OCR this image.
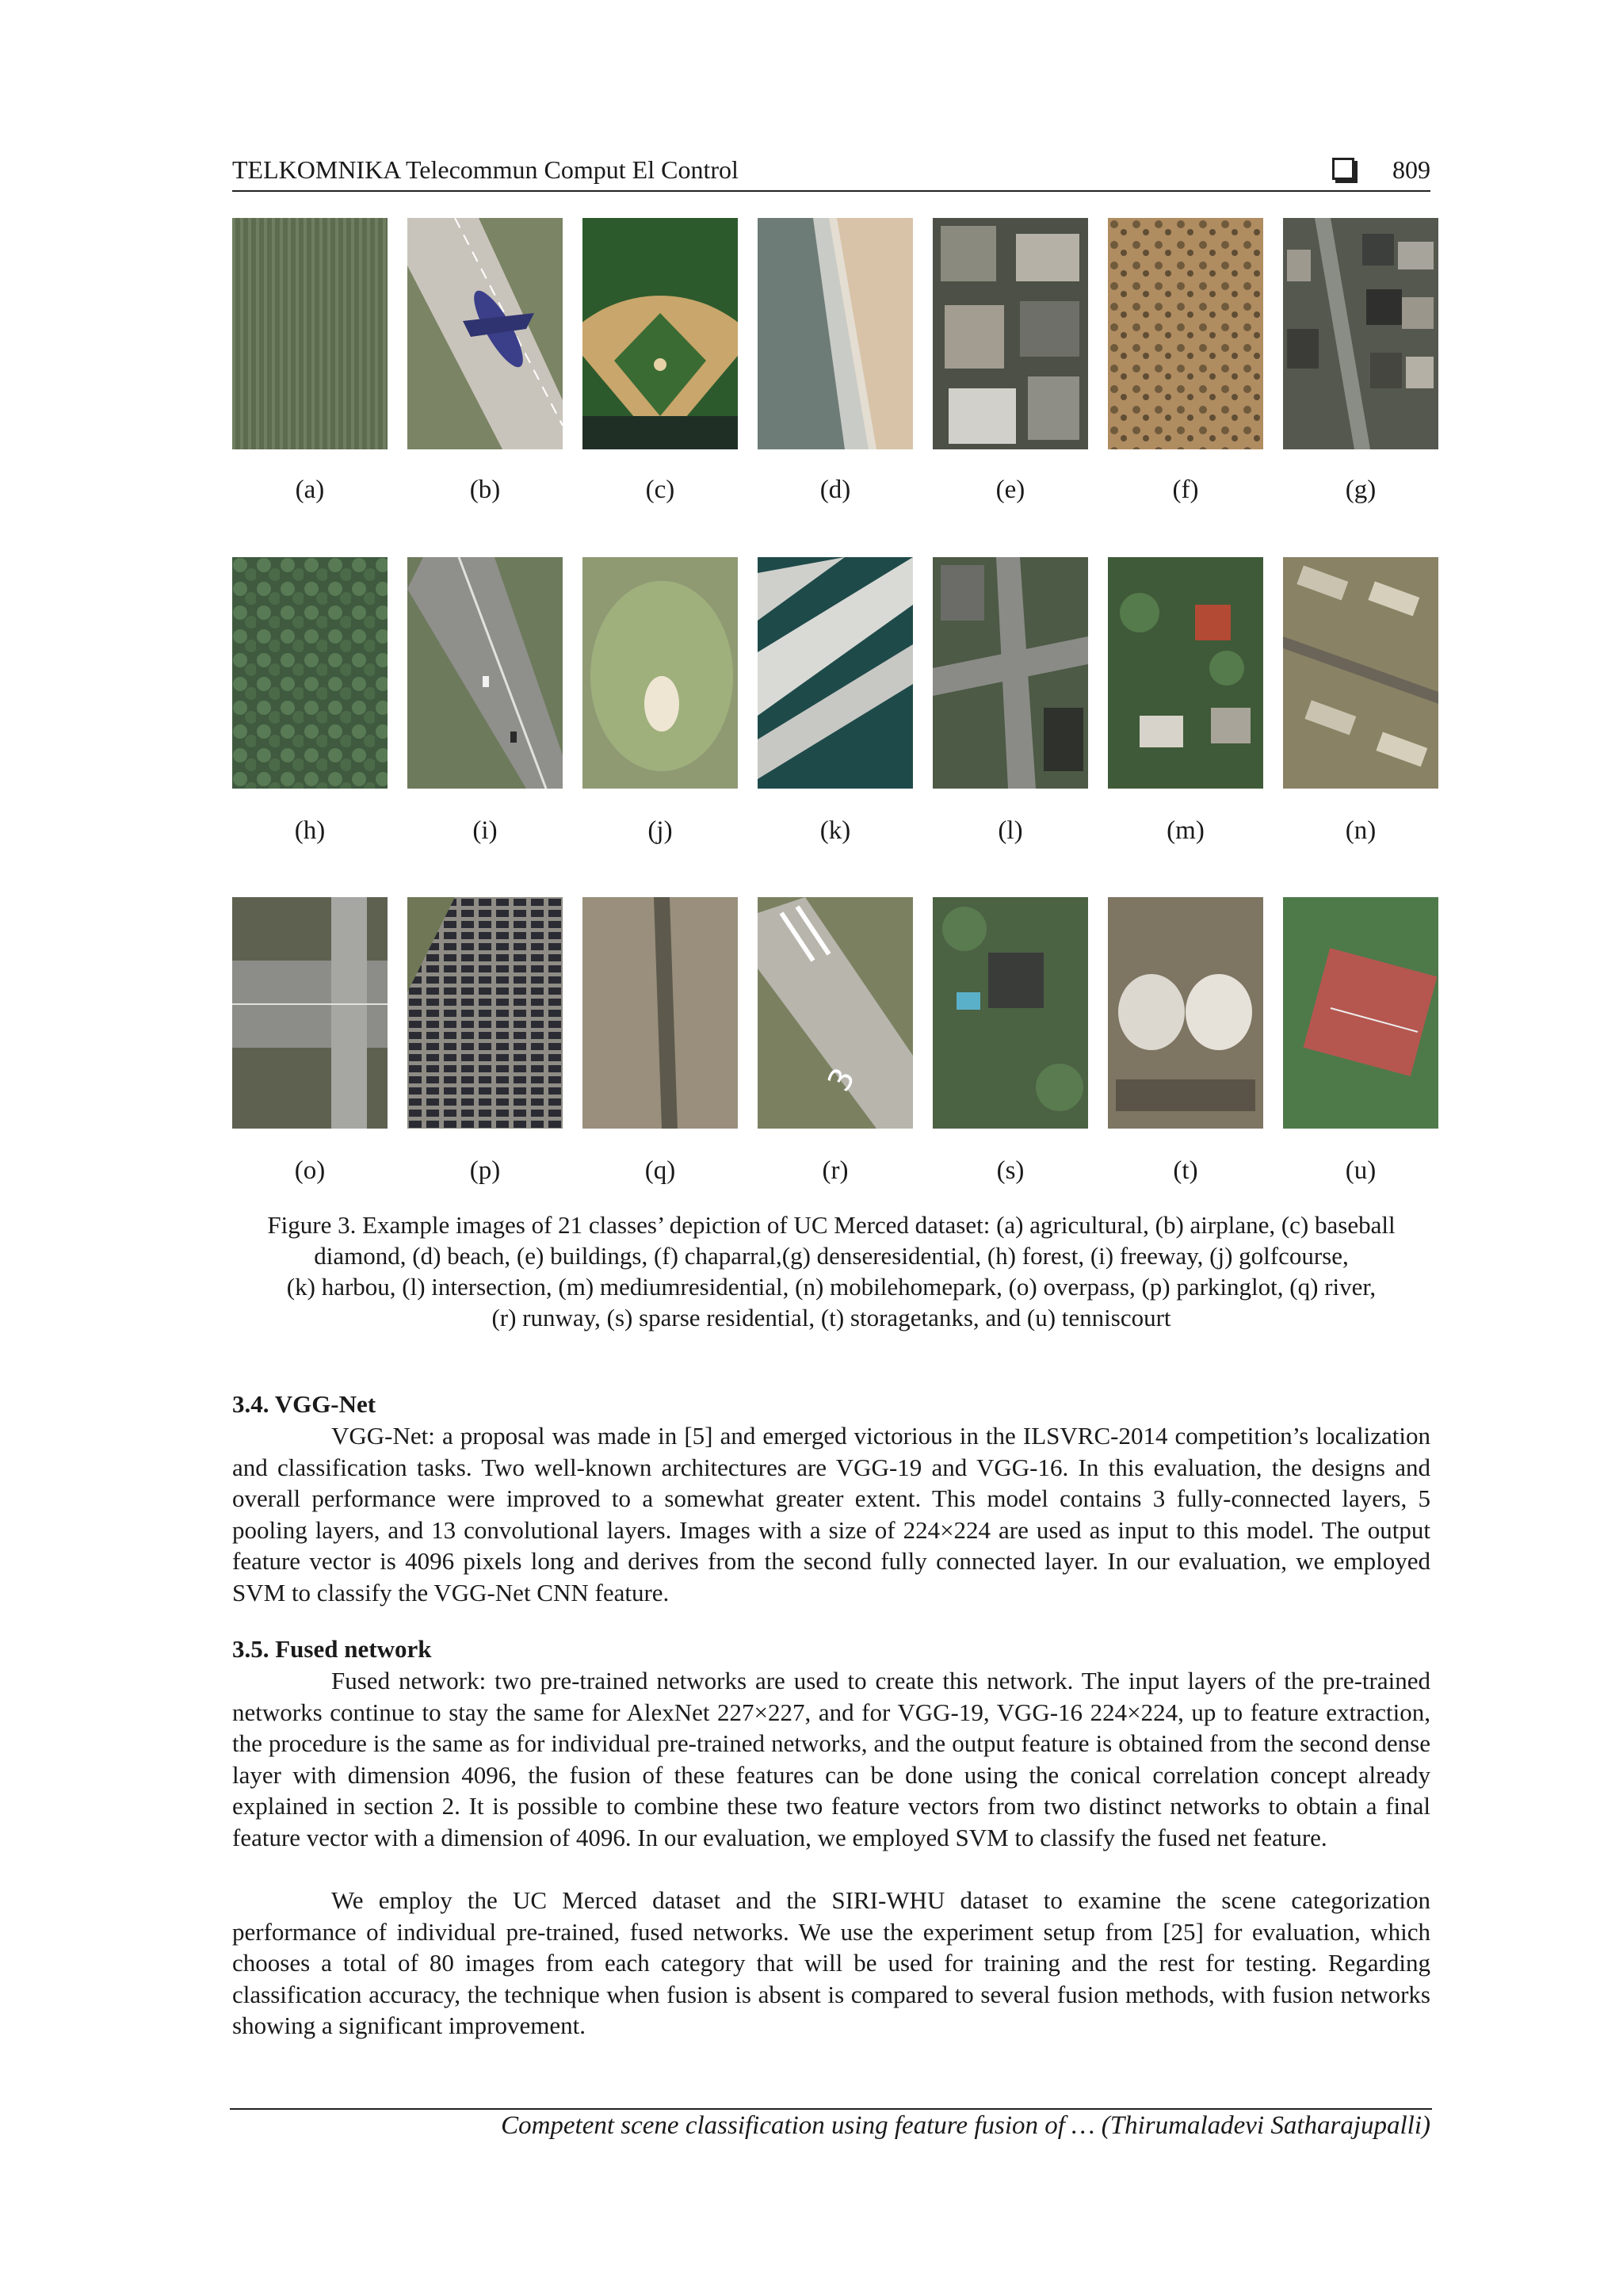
TELKOMNIKA Telecommun Comput El Control	809
(a)	(b)	(c)	(d)	(e)	(f)	(g)
(h)	(i)	(j)	(k)	(l)	(m)	(n)
3
(o)	(p)	(q)	(r)	(s)	(t)	(u)
Figure 3. Example images of 21 classes’ depiction of UC Merced dataset: (a) agricultural, (b) airplane, (c) baseball
diamond, (d) beach, (e) buildings, (f) chaparral,(g) denseresidential, (h) forest, (i) freeway, (j) golfcourse,
(k) harbou, (l) intersection, (m) mediumresidential, (n) mobilehomepark, (o) overpass, (p) parkinglot, (q) river,
(r) runway, (s) sparse residential, (t) storagetanks, and (u) tenniscourt
3.4. VGG-Net
VGG-Net: a proposal was made in [5] and emerged victorious in the ILSVRC-2014 competition’s localization and classification tasks. Two well-known architectures are VGG-19 and VGG-16. In this evaluation, the designs and overall performance were improved to a somewhat greater extent. This model contains 3 fully-connected layers, 5 pooling layers, and 13 convolutional layers. Images with a size of 224×224 are used as input to this model. The output feature vector is 4096 pixels long and derives from the second fully connected layer. In our evaluation, we employed SVM to classify the VGG-Net CNN feature.
3.5. Fused network
Fused network: two pre-trained networks are used to create this network. The input layers of the pre-trained networks continue to stay the same for AlexNet 227×227, and for VGG-19, VGG-16 224×224, up to feature extraction, the procedure is the same as for individual pre-trained networks, and the output feature is obtained from the second dense layer with dimension 4096, the fusion of these features can be done using the conical correlation concept already explained in section 2. It is possible to combine these two feature vectors from two distinct networks to obtain a final feature vector with a dimension of 4096. In our evaluation, we employed SVM to classify the fused net feature.
We employ the UC Merced dataset and the SIRI-WHU dataset to examine the scene categorization performance of individual pre-trained, fused networks. We use the experiment setup from [25] for evaluation, which chooses a total of 80 images from each category that will be used for training and the rest for testing. Regarding classification accuracy, the technique when fusion is absent is compared to several fusion methods, with fusion networks showing a significant improvement.
Competent scene classification using feature fusion of … (Thirumaladevi Satharajupalli)
